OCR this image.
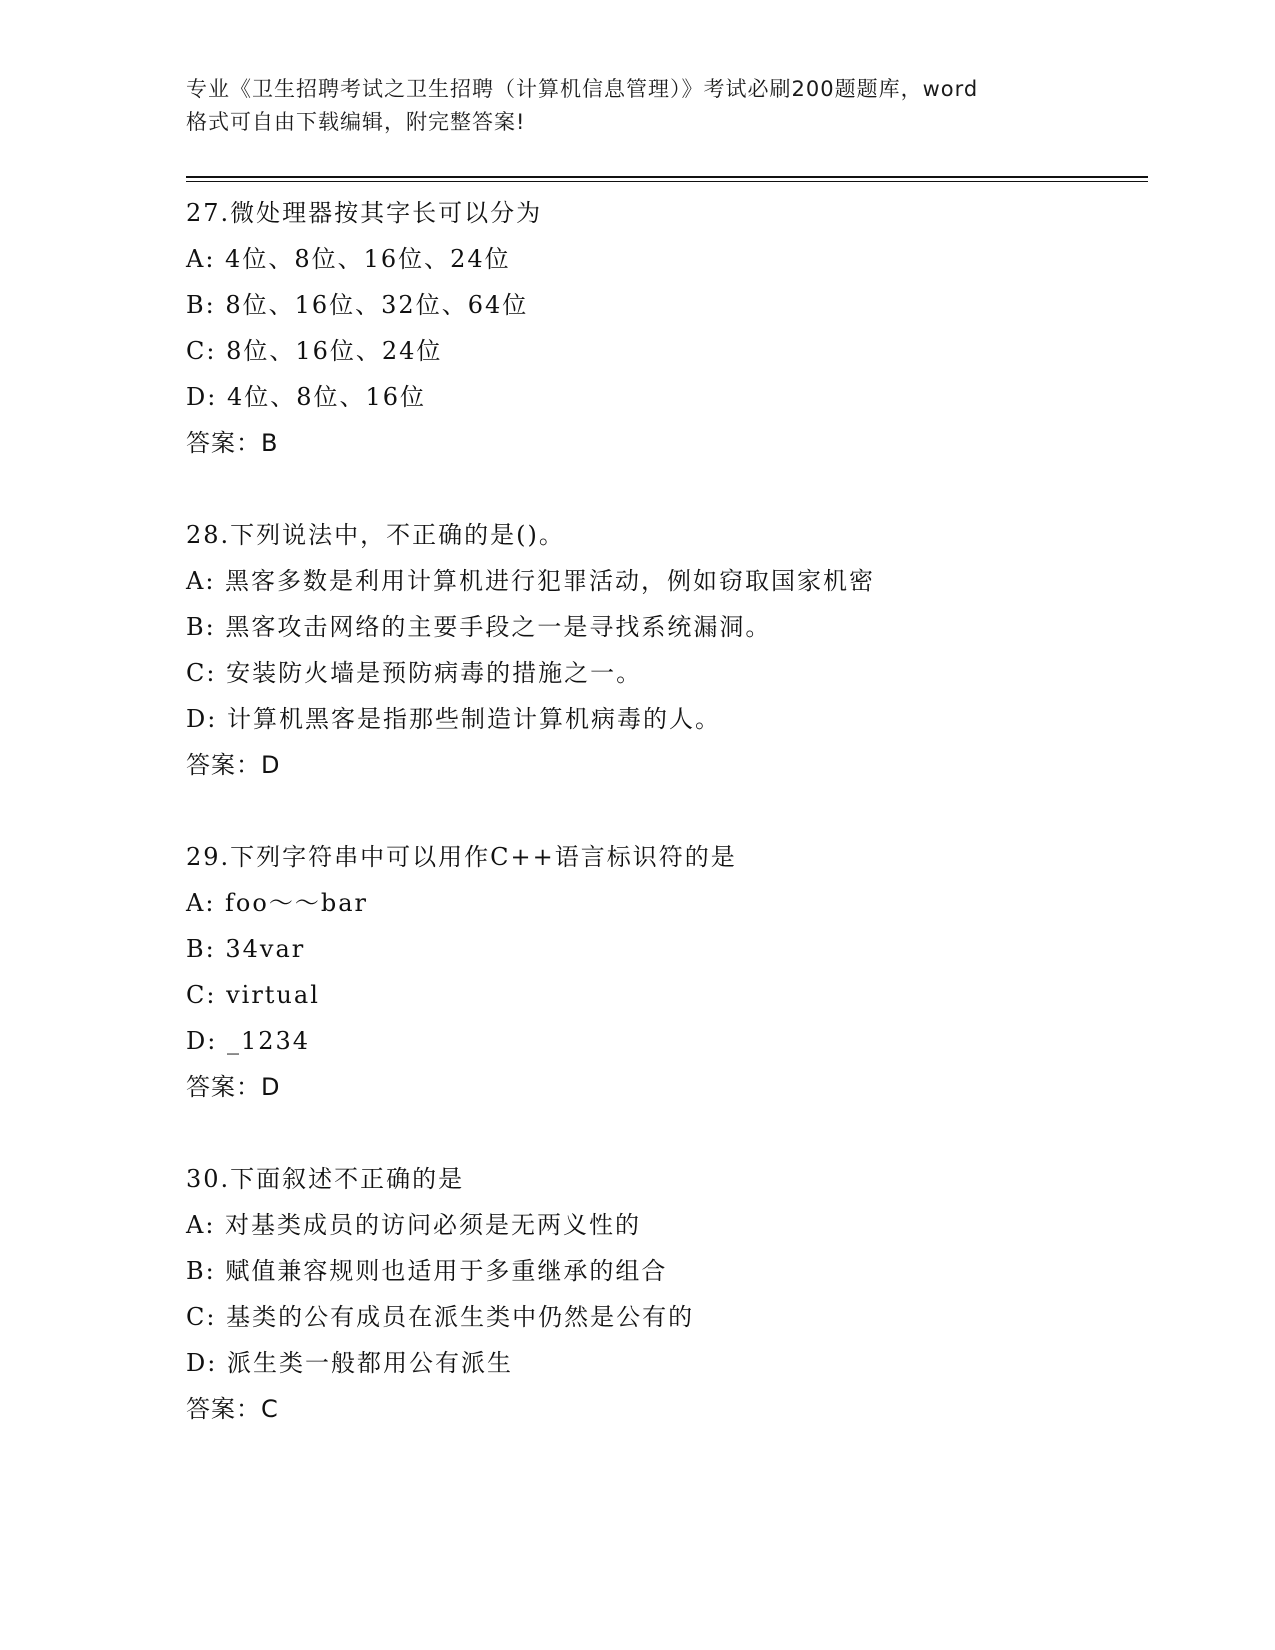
专业《卫生招聘考试之卫生招聘（计算机信息管理）》考试必刷200题题库，word
格式可自由下载编辑，附完整答案!
27.微处理器按其字长可以分为
A: 4位、8位、16位、24位
B: 8位、16位、32位、64位
C: 8位、16位、24位
D: 4位、8位、16位
答案：B
28.下列说法中，不正确的是()。
A: 黑客多数是利用计算机进行犯罪活动，例如窃取国家机密
B: 黑客攻击网络的主要手段之一是寻找系统漏洞。
C: 安装防火墙是预防病毒的措施之一。
D: 计算机黑客是指那些制造计算机病毒的人。
答案：D
29.下列字符串中可以用作C++语言标识符的是
A: foo～～bar
B: 34var
C: virtual
D: _1234
答案：D
30.下面叙述不正确的是
A: 对基类成员的访问必须是无两义性的
B: 赋值兼容规则也适用于多重继承的组合
C: 基类的公有成员在派生类中仍然是公有的
D: 派生类一般都用公有派生
答案：C
